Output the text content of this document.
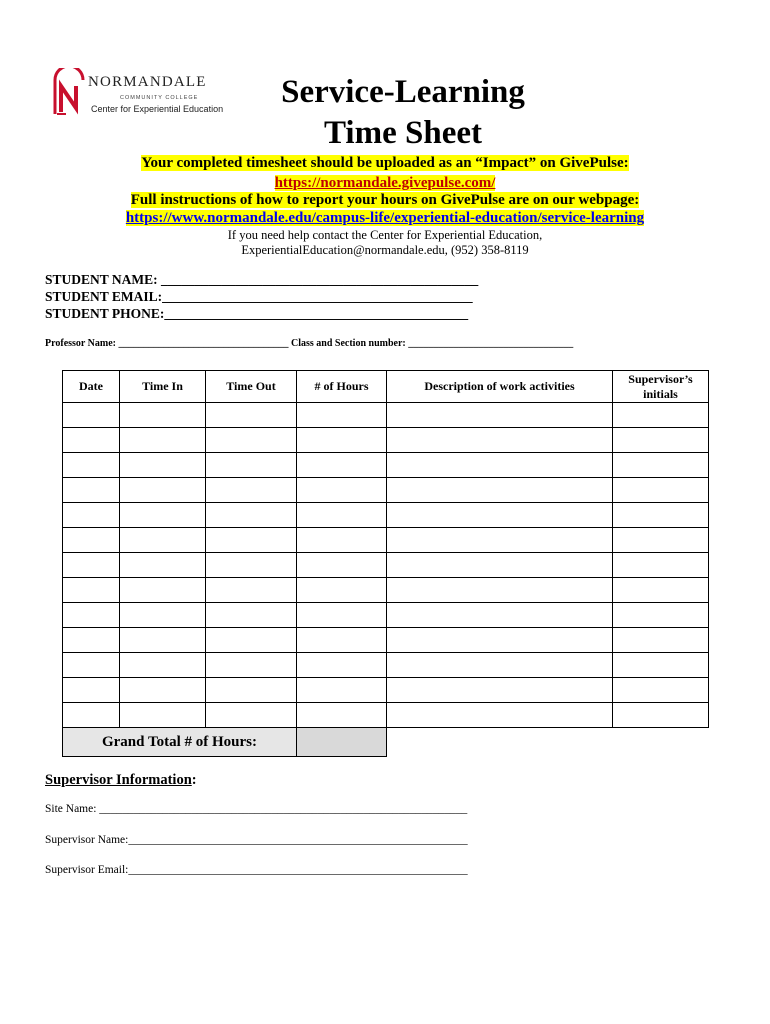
NORMANDALE
COMMUNITY COLLEGE
Center for Experiential Education	Service-Learning
Time Sheet
Your completed timesheet should be uploaded as an “Impact” on GivePulse:
https://normandale.givepulse.com/
Full instructions of how to report your hours on GivePulse are on our webpage:
https://www.normandale.edu/campus-life/experiential-education/service-learning
If you need help contact the Center for Experiential Education,
ExperientialEducation@normandale.edu, (952) 358-8119
STUDENT NAME: _______________________________________________
STUDENT EMAIL:______________________________________________
STUDENT PHONE:_____________________________________________
Professor Name: __________________________________ Class and Section number: _________________________________
Date	Time In	Time Out	# of Hours	Description of work activities	Supervisor’s initials

Grand Total # of Hours:					
Supervisor Information:
Site Name: ________________________________________________________________
Supervisor Name:___________________________________________________________
Supervisor Email:___________________________________________________________
